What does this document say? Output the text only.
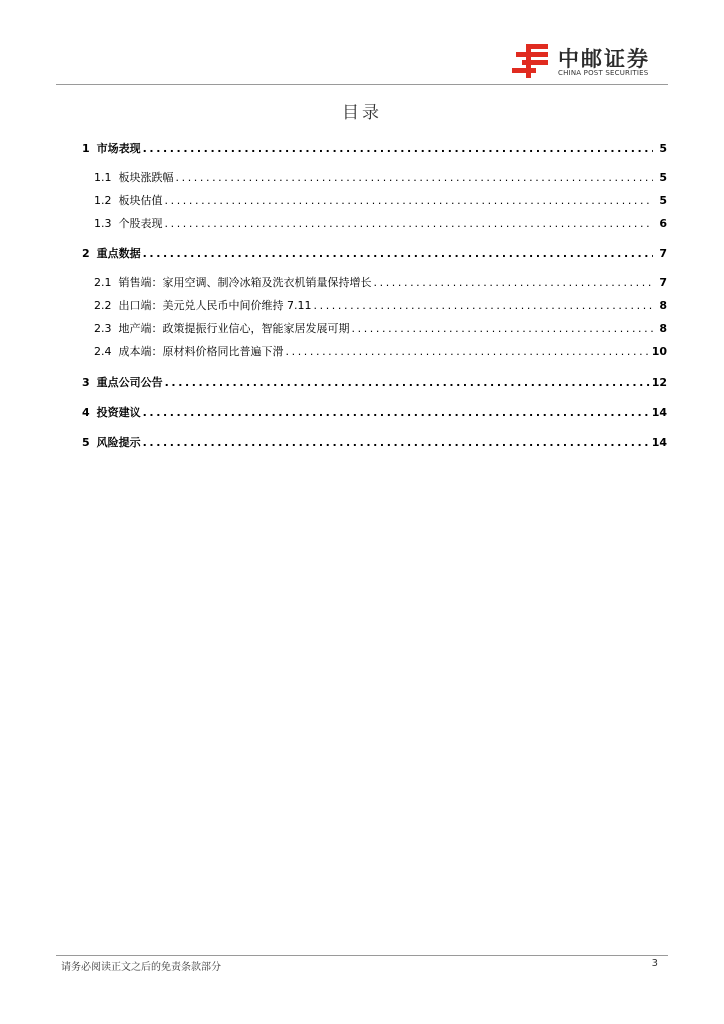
中邮证券
CHINA POST SECURITIES
目录
1 市场表现 .....	5
1.1 板块涨跌幅 .....	5
1.2 板块估值 .....	5
1.3 个股表现 .....	6
2 重点数据 .....	7
2.1 销售端：家用空调、制冷冰箱及洗衣机销量保持增长 .....	7
2.2 出口端：美元兑人民币中间价维持 7.11 .....	8
2.3 地产端：政策提振行业信心，智能家居发展可期 .....	8
2.4 成本端：原材料价格同比普遍下滑 .....	10
3 重点公司公告 .....	12
4 投资建议 .....	14
5 风险提示 .....	14
请务必阅读正文之后的免责条款部分	3
